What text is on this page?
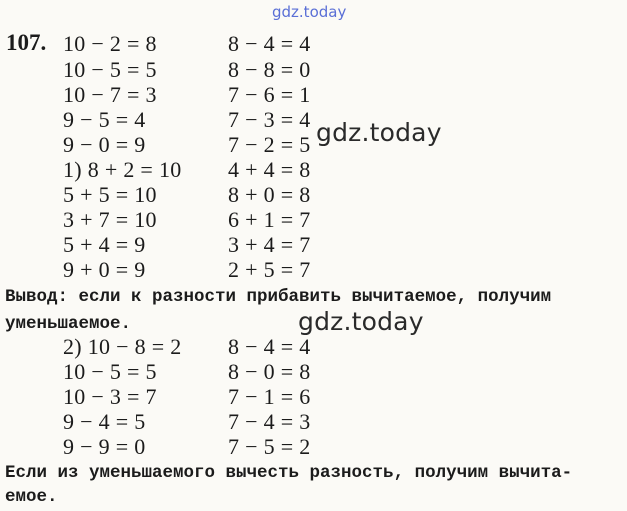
gdz.today
107. 10 − 2 = 8
10 − 5 = 5
10 − 7 = 3
9 − 5 = 4
9 − 0 = 9
8 − 4 = 4
8 − 8 = 0
7 − 6 = 1
7 − 3 = 4
7 − 2 = 5 gdz.today
1) 8 + 2 = 10
5 + 5 = 10
3 + 7 = 10
5 + 4 = 9
9 + 0 = 9
4 + 4 = 8
8 + 0 = 8
6 + 1 = 7
3 + 4 = 7
2 + 5 = 7
Вывод: если к разности прибавить вычитаемое, получим
уменьшаемое.	gdz.today
2) 10 − 8 = 2
10 − 5 = 5
10 − 3 = 7
9 − 4 = 5
9 − 9 = 0
8 − 4 = 4
8 − 0 = 8
7 − 1 = 6
7 − 4 = 3
7 − 5 = 2
Если из уменьшаемого вычесть разность, получим вычита-
емое.
